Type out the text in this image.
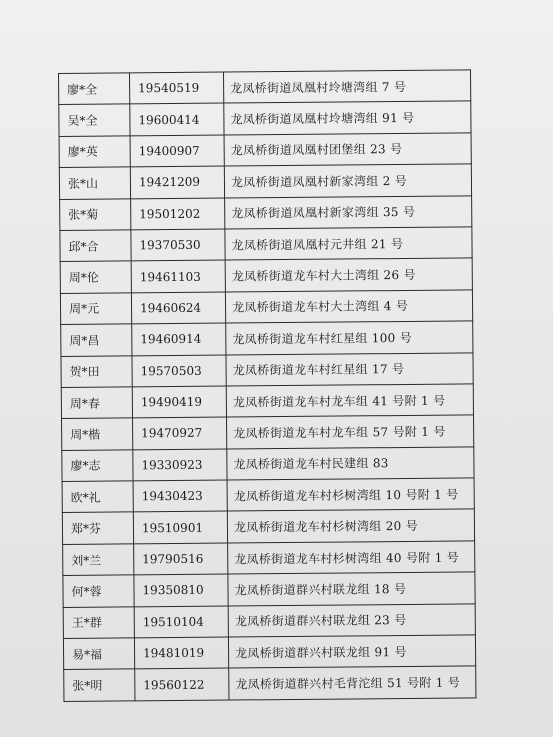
廖*全	19540519	龙凤桥街道凤凰村坽塘湾组 7 号
吴*全	19600414	龙凤桥街道凤凰村坽塘湾组 91 号
廖*英	19400907	龙凤桥街道凤凰村团堡组 23 号
张*山	19421209	龙凤桥街道凤凰村新家湾组 2 号
张*菊	19501202	龙凤桥街道凤凰村新家湾组 35 号
邱*合	19370530	龙凤桥街道凤凰村元井组 21 号
周*伦	19461103	龙凤桥街道龙车村大土湾组 26 号
周*元	19460624	龙凤桥街道龙车村大土湾组 4 号
周*昌	19460914	龙凤桥街道龙车村红星组 100 号
贺*田	19570503	龙凤桥街道龙车村红星组 17 号
周*春	19490419	龙凤桥街道龙车村龙车组 41 号附 1 号
周*楷	19470927	龙凤桥街道龙车村龙车组 57 号附 1 号
廖*志	19330923	龙凤桥街道龙车村民建组 83
欧*礼	19430423	龙凤桥街道龙车村杉树湾组 10 号附 1 号
郑*芬	19510901	龙凤桥街道龙车村杉树湾组 20 号
刘*兰	19790516	龙凤桥街道龙车村杉树湾组 40 号附 1 号
何*蓉	19350810	龙凤桥街道群兴村联龙组 18 号
王*群	19510104	龙凤桥街道群兴村联龙组 23 号
易*福	19481019	龙凤桥街道群兴村联龙组 91 号
张*明	19560122	龙凤桥街道群兴村毛背沱组 51 号附 1 号
